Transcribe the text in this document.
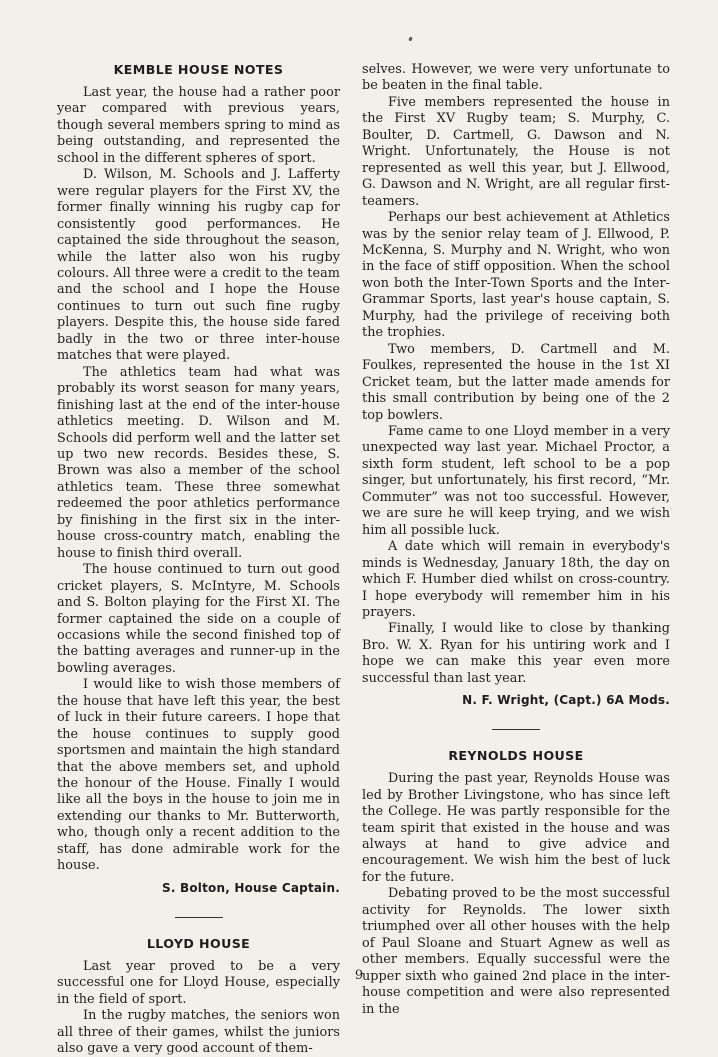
KEMBLE HOUSE NOTES

Last year, the house had a rather poor year compared with previous years, though several members spring to mind as being outstanding, and represented the school in the different spheres of sport.

D. Wilson, M. Schools and J. Lafferty were regular players for the First XV, the former finally winning his rugby cap for consistently good performances. He captained the side throughout the season, while the latter also won his rugby colours. All three were a credit to the team and the school and I hope the House continues to turn out such fine rugby players. Despite this, the house side fared badly in the two or three inter-house matches that were played.

The athletics team had what was probably its worst season for many years, finishing last at the end of the inter-house athletics meeting. D. Wilson and M. Schools did perform well and the latter set up two new records. Besides these, S. Brown was also a member of the school athletics team. These three somewhat redeemed the poor athletics performance by finishing in the first six in the inter-house cross-country match, enabling the house to finish third overall.

The house continued to turn out good cricket players, S. McIntyre, M. Schools and S. Bolton playing for the First XI. The former captained the side on a couple of occasions while the second finished top of the batting averages and runner-up in the bowling averages.

I would like to wish those members of the house that have left this year, the best of luck in their future careers. I hope that the house continues to supply good sportsmen and maintain the high standard that the above members set, and uphold the honour of the House. Finally I would like all the boys in the house to join me in extending our thanks to Mr. Butterworth, who, though only a recent addition to the staff, has done admirable work for the house.

S. Bolton, House Captain.
LLOYD HOUSE

Last year proved to be a very successful one for Lloyd House, especially in the field of sport.

In the rugby matches, the seniors won all three of their games, whilst the juniors also gave a very good account of them-

selves. However, we were very unfortunate to be beaten in the final table.

Five members represented the house in the First XV Rugby team; S. Murphy, C. Boulter, D. Cartmell, G. Dawson and N. Wright. Unfortunately, the House is not represented as well this year, but J. Ellwood, G. Dawson and N. Wright, are all regular first-teamers.

Perhaps our best achievement at Athletics was by the senior relay team of J. Ellwood, P. McKenna, S. Murphy and N. Wright, who won in the face of stiff opposition. When the school won both the Inter-Town Sports and the Inter-Grammar Sports, last year's house captain, S. Murphy, had the privilege of receiving both the trophies.

Two members, D. Cartmell and M. Foulkes, represented the house in the 1st XI Cricket team, but the latter made amends for this small contribution by being one of the 2 top bowlers.

Fame came to one Lloyd member in a very unexpected way last year. Michael Proctor, a sixth form student, left school to be a pop singer, but unfortunately, his first record, “Mr. Commuter” was not too successful. However, we are sure he will keep trying, and we wish him all possible luck.

A date which will remain in everybody's minds is Wednesday, January 18th, the day on which F. Humber died whilst on cross-country. I hope everybody will remember him in his prayers.

Finally, I would like to close by thanking Bro. W. X. Ryan for his untiring work and I hope we can make this year even more successful than last year.

N. F. Wright, (Capt.) 6A Mods.
REYNOLDS HOUSE

During the past year, Reynolds House was led by Brother Livingstone, who has since left the College. He was partly responsible for the team spirit that existed in the house and was always at hand to give advice and encouragement. We wish him the best of luck for the future.

Debating proved to be the most successful activity for Reynolds. The lower sixth triumphed over all other houses with the help of Paul Sloane and Stuart Agnew as well as other members. Equally successful were the upper sixth who gained 2nd place in the inter-house competition and were also represented in the

9
